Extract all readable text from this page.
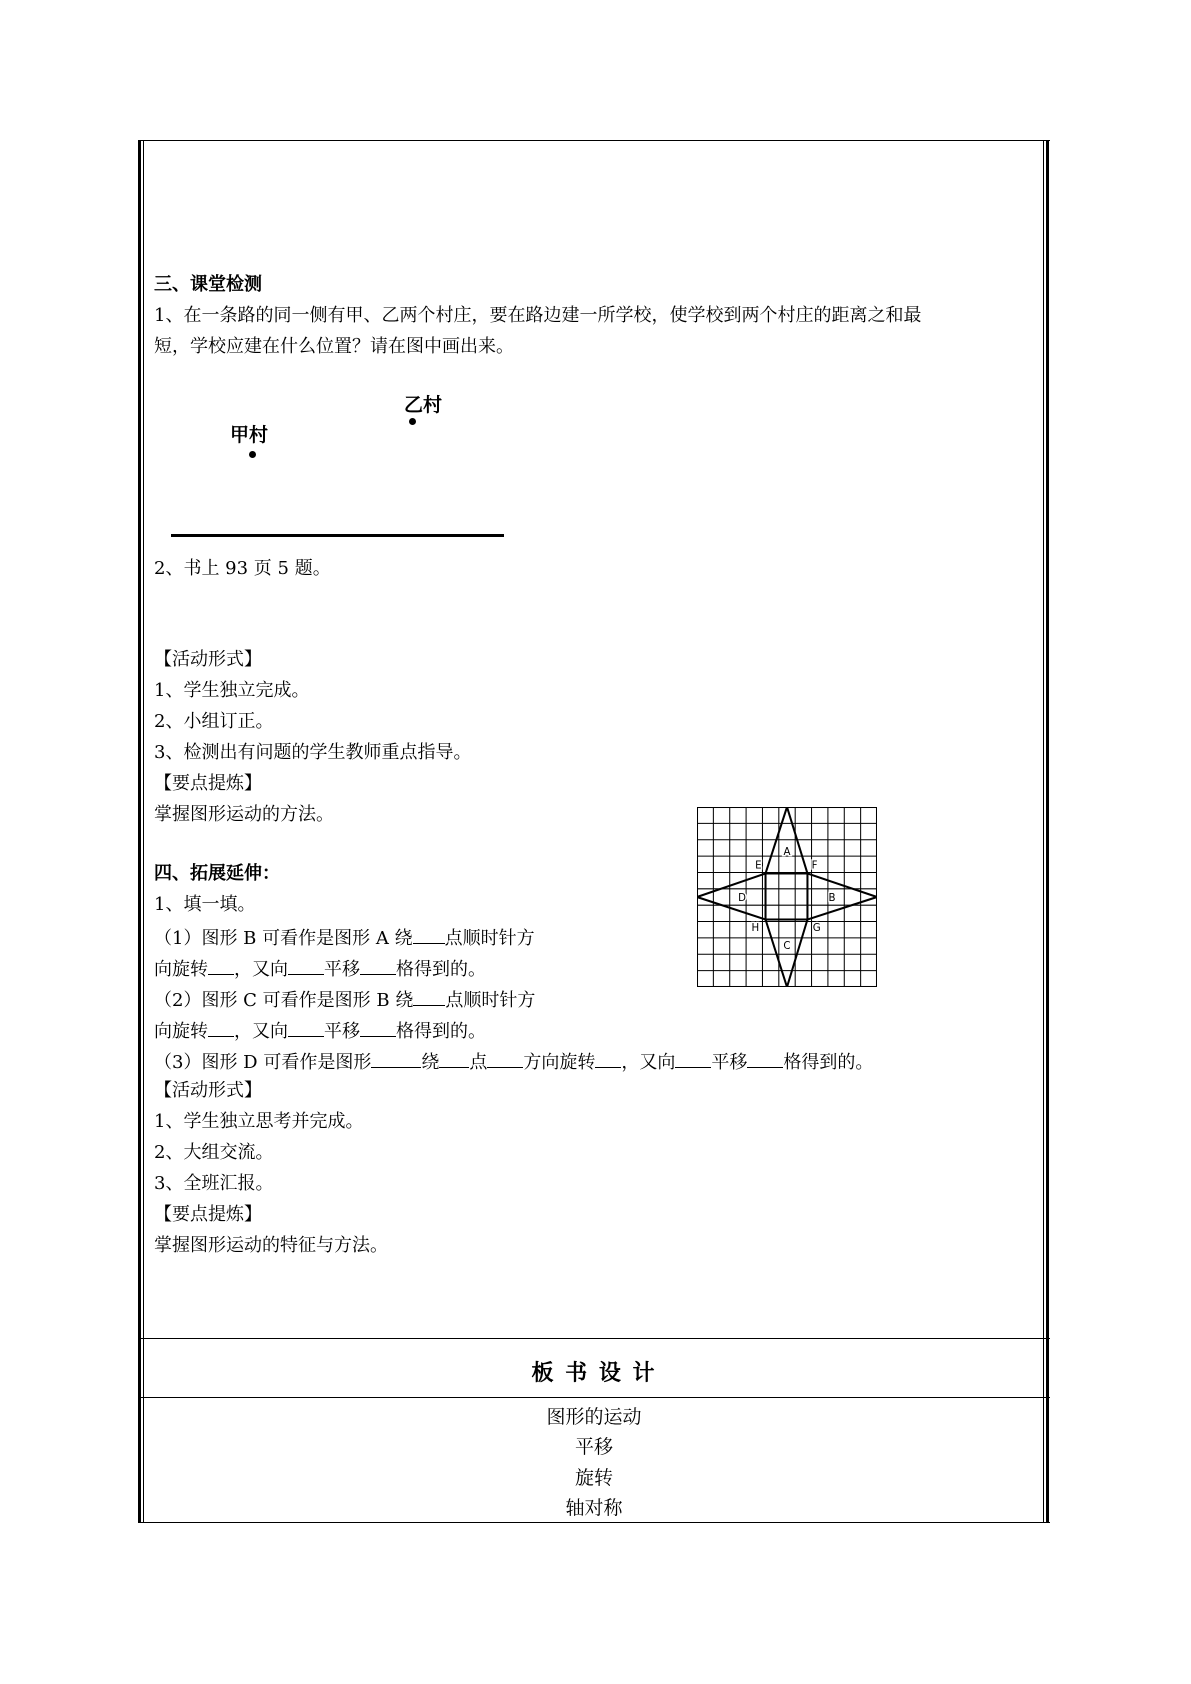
三、课堂检测
1、在一条路的同一侧有甲、乙两个村庄，要在路边建一所学校，使学校到两个村庄的距离之和最
短，学校应建在什么位置？请在图中画出来。
乙村
甲村
2、书上 93 页 5 题。
【活动形式】
1、学生独立完成。
2、小组订正。
3、检测出有问题的学生教师重点指导。
【要点提炼】
掌握图形运动的方法。
四、拓展延伸：
1、填一填。
（1）图形 B 可看作是图形 A 绕 点顺时针方
向旋转 ，又向 平移 格得到的。
（2）图形 C 可看作是图形 B 绕 点顺时针方
向旋转 ，又向 平移 格得到的。
（3）图形 D 可看作是图形	绕 点 方向旋转 ，又向 平移 格得到的。
【活动形式】
1、学生独立思考并完成。
2、大组交流。
3、全班汇报。
【要点提炼】
掌握图形运动的特征与方法。
A
E	F
D	B
H	G
C
板 书 设 计
图形的运动
平移
旋转
轴对称
